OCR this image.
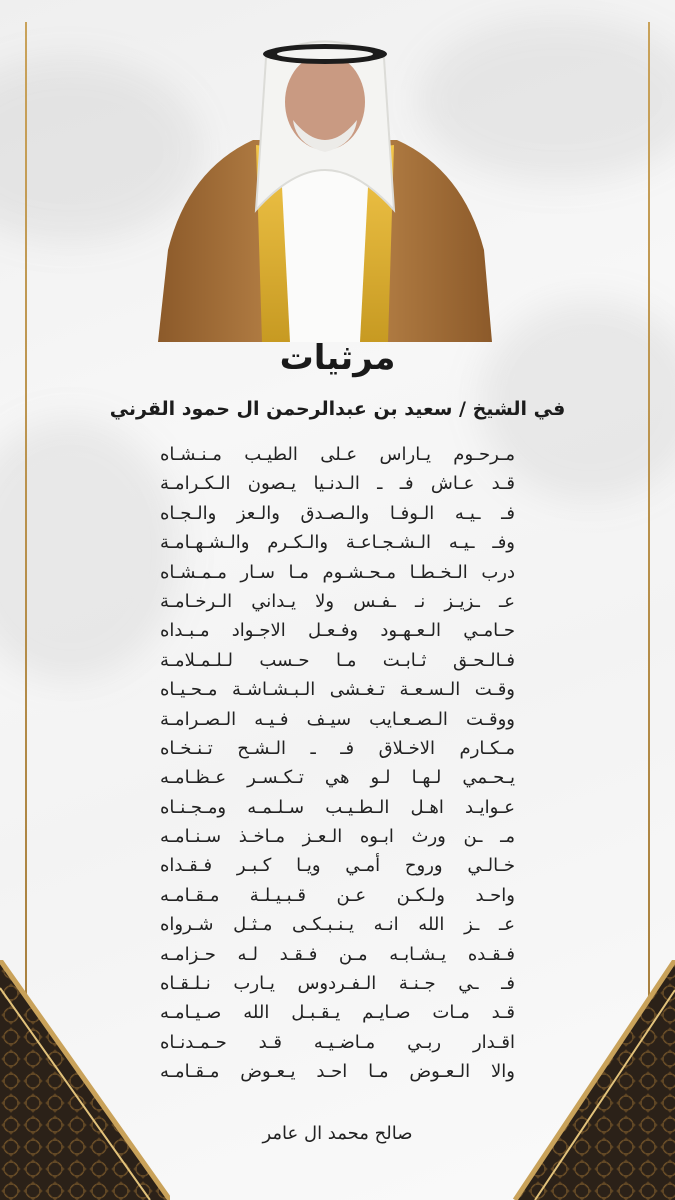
مرثيات
في الشيخ / سعيد بن عبدالرحمن ال حمود القرني
مـرحـوم يـاراس عـلى الطيـب مـنـشـاه
قـد عـاش فـ ـ الـدنـيا يـصون الـكـرامـة
فـ ـيـه الـوفـا والـصـدق والـعز والـجـاه
وفـ ـيـه الـشـجـاعـة والـكـرم والـشـهـامـة
درب الـخـطـا مـحـشـوم مـا سـار مـمـشـاه
عـ ـزيـز نـ ـفـس ولا يـداني الـرخـامـة
حـامـي الـعـهـود وفـعـل الاجـواد مـبـداه
فـالـحـق ثـابـت مـا حـسب لـلـمـلامـة
وقـت الـسـعـة تـغـشى الـبـشـاشـة مـحـيـاه
ووقـت الـصـعـايب سيـف فـيـه الـصـرامـة
مـكـارم الاخـلاق فـ ـ الـشـح تـنـخـاه
يـحـمي لـهـا لـو هي تـكـسـر عـظـامـه
عـوايـد اهـل الـطـيـب سـلـمـه ومـجـنـاه
مـ ـن ورث ابـوه الـعـز مـاخـذ سـنـامـه
خـالـي وروح أمـي ويـا كـبـر فـقـداه
واحـد ولـكـن عـن قـبـيـلـة مـقـامـه
عـ ـز الله انـه يـنـبـكـى مـثـل شـرواه
فـقـده يـشـابـه مـن فـقـد لـه حـزامـه
فـ ـي جـنـة الـفـردوس يـارب نـلـقـاه
قـد مـات صـايـم يـقـبـل الله صـيـامـه
اقـدار ربـي مـاضـيـه قـد حـمـدنـاه
والا الـعـوض مـا احـد يـعـوض مـقـامـه
صالح محمد ال عامر
